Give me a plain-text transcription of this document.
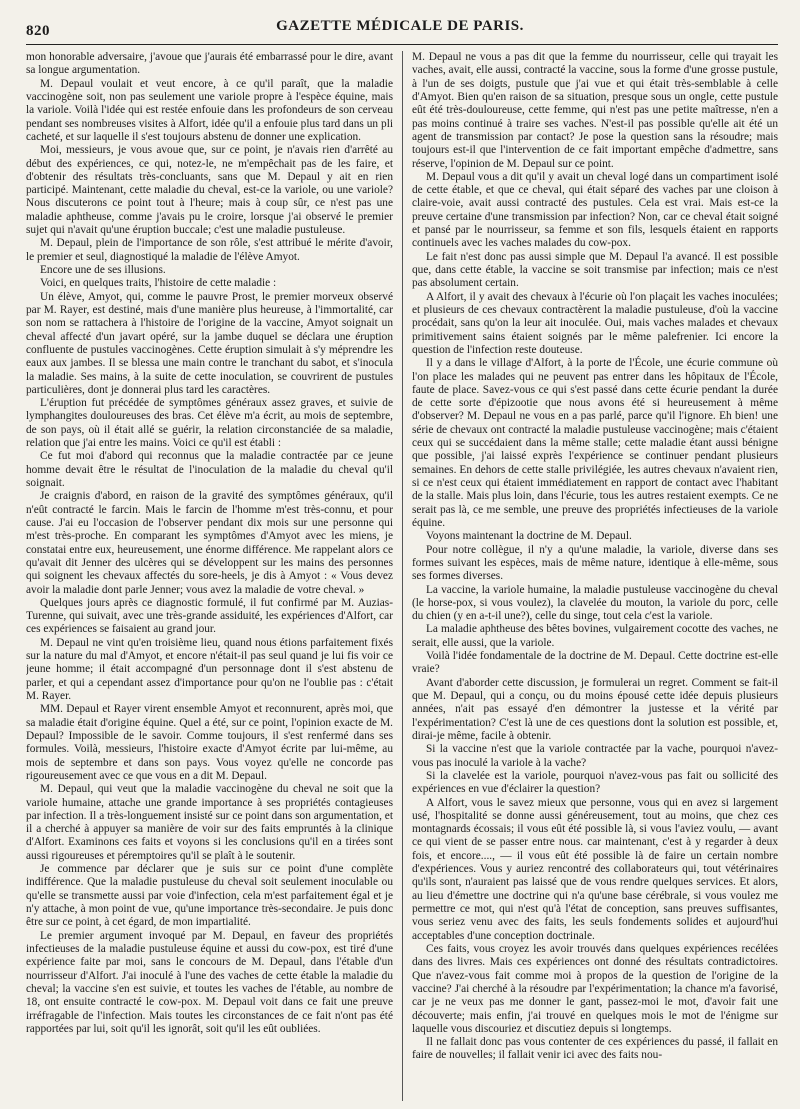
820	GAZETTE MÉDICALE DE PARIS.

mon honorable adversaire, j'avoue que j'aurais été embarrassé pour le dire, avant sa longue argumentation.

M. Depaul voulait et veut encore, à ce qu'il paraît, que la maladie vaccinogène soit, non pas seulement une variole propre à l'espèce équine, mais la variole. Voilà l'idée qui est restée enfouie dans les profondeurs de son cerveau pendant ses nombreuses visites à Alfort, idée qu'il a enfouie plus tard dans un pli cacheté, et sur laquelle il s'est toujours abstenu de donner une explication.

Moi, messieurs, je vous avoue que, sur ce point, je n'avais rien d'arrêté au début des expériences, ce qui, notez-le, ne m'empêchait pas de les faire, et d'obtenir des résultats très-concluants, sans que M. Depaul y ait en rien participé. Maintenant, cette maladie du cheval, est-ce la variole, ou une variole? Nous discuterons ce point tout à l'heure; mais à coup sûr, ce n'est pas une maladie aphtheuse, comme j'avais pu le croire, lorsque j'ai observé le premier sujet qui n'avait qu'une éruption buccale; c'est une maladie pustuleuse.

M. Depaul, plein de l'importance de son rôle, s'est attribué le mérite d'avoir, le premier et seul, diagnostiqué la maladie de l'élève Amyot.

Encore une de ses illusions.

Voici, en quelques traits, l'histoire de cette maladie :

Un élève, Amyot, qui, comme le pauvre Prost, le premier morveux observé par M. Rayer, est destiné, mais d'une manière plus heureuse, à l'immortalité, car son nom se rattachera à l'histoire de l'origine de la vaccine, Amyot soignait un cheval affecté d'un javart opéré, sur la jambe duquel se déclara une éruption confluente de pustules vaccinogènes. Cette éruption simulait à s'y méprendre les eaux aux jambes. Il se blessa une main contre le tranchant du sabot, et s'inocula la maladie. Ses mains, à la suite de cette inoculation, se couvrirent de pustules particulières, dont je donnerai plus tard les caractères.

L'éruption fut précédée de symptômes généraux assez graves, et suivie de lymphangites douloureuses des bras. Cet élève m'a écrit, au mois de septembre, de son pays, où il était allé se guérir, la relation circonstanciée de sa maladie, relation que j'ai entre les mains. Voici ce qu'il est établi :

Ce fut moi d'abord qui reconnus que la maladie contractée par ce jeune homme devait être le résultat de l'inoculation de la maladie du cheval qu'il soignait.

Je craignis d'abord, en raison de la gravité des symptômes généraux, qu'il n'eût contracté le farcin. Mais le farcin de l'homme m'est très-connu, et pour cause. J'ai eu l'occasion de l'observer pendant dix mois sur une personne qui m'est très-proche. En comparant les symptômes d'Amyot avec les miens, je constatai entre eux, heureusement, une énorme différence. Me rappelant alors ce qu'avait dit Jenner des ulcères qui se développent sur les mains des personnes qui soignent les chevaux affectés du sore-heels, je dis à Amyot : « Vous devez avoir la maladie dont parle Jenner; vous avez la maladie de votre cheval. »

Quelques jours après ce diagnostic formulé, il fut confirmé par M. Auzias-Turenne, qui suivait, avec une très-grande assiduité, les expériences d'Alfort, car ces expériences se faisaient au grand jour.

M. Depaul ne vint qu'en troisième lieu, quand nous étions parfaitement fixés sur la nature du mal d'Amyot, et encore n'était-il pas seul quand je lui fis voir ce jeune homme; il était accompagné d'un personnage dont il s'est abstenu de parler, et qui a cependant assez d'importance pour qu'on ne l'oublie pas : c'était M. Rayer.

MM. Depaul et Rayer virent ensemble Amyot et reconnurent, après moi, que sa maladie était d'origine équine. Quel a été, sur ce point, l'opinion exacte de M. Depaul? Impossible de le savoir. Comme toujours, il s'est renfermé dans ses formules. Voilà, messieurs, l'histoire exacte d'Amyot écrite par lui-même, au mois de septembre et dans son pays. Vous voyez qu'elle ne concorde pas rigoureusement avec ce que vous en a dit M. Depaul.

M. Depaul, qui veut que la maladie vaccinogène du cheval ne soit que la variole humaine, attache une grande importance à ses propriétés contagieuses par infection. Il a très-longuement insisté sur ce point dans son argumentation, et il a cherché à appuyer sa manière de voir sur des faits empruntés à la clinique d'Alfort. Examinons ces faits et voyons si les conclusions qu'il en a tirées sont aussi rigoureuses et péremptoires qu'il se plaît à le soutenir.

Je commence par déclarer que je suis sur ce point d'une complète indifférence. Que la maladie pustuleuse du cheval soit seulement inoculable ou qu'elle se transmette aussi par voie d'infection, cela m'est parfaitement égal et je n'y attache, à mon point de vue, qu'une importance très-secondaire. Je puis donc être sur ce point, à cet égard, de mon impartialité.

Le premier argument invoqué par M. Depaul, en faveur des propriétés infectieuses de la maladie pustuleuse équine et aussi du cow-pox, est tiré d'une expérience faite par moi, sans le concours de M. Depaul, dans l'étable d'un nourrisseur d'Alfort. J'ai inoculé à l'une des vaches de cette étable la maladie du cheval; la vaccine s'en est suivie, et toutes les vaches de l'étable, au nombre de 18, ont ensuite contracté le cow-pox. M. Depaul voit dans ce fait une preuve irréfragable de l'infection. Mais toutes les circonstances de ce fait n'ont pas été rapportées par lui, soit qu'il les ignorât, soit qu'il les eût oubliées.

M. Depaul ne vous a pas dit que la femme du nourrisseur, celle qui trayait les vaches, avait, elle aussi, contracté la vaccine, sous la forme d'une grosse pustule, à l'un de ses doigts, pustule que j'ai vue et qui était très-semblable à celle d'Amyot. Bien qu'en raison de sa situation, presque sous un ongle, cette pustule eût été très-douloureuse, cette femme, qui n'est pas une petite maîtresse, n'en a pas moins continué à traire ses vaches. N'est-il pas possible qu'elle ait été un agent de transmission par contact? Je pose la question sans la résoudre; mais toujours est-il que l'intervention de ce fait important empêche d'admettre, sans réserve, l'opinion de M. Depaul sur ce point.

M. Depaul vous a dit qu'il y avait un cheval logé dans un compartiment isolé de cette étable, et que ce cheval, qui était séparé des vaches par une cloison à claire-voie, avait aussi contracté des pustules. Cela est vrai. Mais est-ce la preuve certaine d'une transmission par infection? Non, car ce cheval était soigné et pansé par le nourrisseur, sa femme et son fils, lesquels étaient en rapports continuels avec les vaches malades du cow-pox.

Le fait n'est donc pas aussi simple que M. Depaul l'a avancé. Il est possible que, dans cette étable, la vaccine se soit transmise par infection; mais ce n'est pas absolument certain.

A Alfort, il y avait des chevaux à l'écurie où l'on plaçait les vaches inoculées; et plusieurs de ces chevaux contractèrent la maladie pustuleuse, d'où la vaccine procédait, sans qu'on la leur ait inoculée. Oui, mais vaches malades et chevaux primitivement sains étaient soignés par le même palefrenier. Ici encore la question de l'infection reste douteuse.

Il y a dans le village d'Alfort, à la porte de l'École, une écurie commune où l'on place les malades qui ne peuvent pas entrer dans les hôpitaux de l'École, faute de place. Savez-vous ce qui s'est passé dans cette écurie pendant la durée de cette sorte d'épizootie que nous avons été si heureusement à même d'observer? M. Depaul ne vous en a pas parlé, parce qu'il l'ignore. Eh bien! une série de chevaux ont contracté la maladie pustuleuse vaccinogène; mais c'étaient ceux qui se succédaient dans la même stalle; cette maladie étant aussi bénigne que possible, j'ai laissé exprès l'expérience se continuer pendant plusieurs semaines. En dehors de cette stalle privilégiée, les autres chevaux n'avaient rien, si ce n'est ceux qui étaient immédiatement en rapport de contact avec l'habitant de la stalle. Mais plus loin, dans l'écurie, tous les autres restaient exempts. Ce ne serait pas là, ce me semble, une preuve des propriétés infectieuses de la variole équine.

Voyons maintenant la doctrine de M. Depaul.

Pour notre collègue, il n'y a qu'une maladie, la variole, diverse dans ses formes suivant les espèces, mais de même nature, identique à elle-même, sous ses formes diverses.

La vaccine, la variole humaine, la maladie pustuleuse vaccinogène du cheval (le horse-pox, si vous voulez), la clavelée du mouton, la variole du porc, celle du chien (y en a-t-il une?), celle du singe, tout cela c'est la variole.

La maladie aphtheuse des bêtes bovines, vulgairement cocotte des vaches, ne serait, elle aussi, que la variole.

Voilà l'idée fondamentale de la doctrine de M. Depaul. Cette doctrine est-elle vraie?

Avant d'aborder cette discussion, je formulerai un regret. Comment se fait-il que M. Depaul, qui a conçu, ou du moins épousé cette idée depuis plusieurs années, n'ait pas essayé d'en démontrer la justesse et la vérité par l'expérimentation? C'est là une de ces questions dont la solution est possible, et, dirai-je même, facile à obtenir.

Si la vaccine n'est que la variole contractée par la vache, pourquoi n'avez-vous pas inoculé la variole à la vache?

Si la clavelée est la variole, pourquoi n'avez-vous pas fait ou sollicité des expériences en vue d'éclairer la question?

A Alfort, vous le savez mieux que personne, vous qui en avez si largement usé, l'hospitalité se donne aussi généreusement, tout au moins, que chez ces montagnards écossais; il vous eût été possible là, si vous l'aviez voulu, — avant ce qui vient de se passer entre nous. car maintenant, c'est à y regarder à deux fois, et encore...., — il vous eût été possible là de faire un certain nombre d'expériences. Vous y auriez rencontré des collaborateurs qui, tout vétérinaires qu'ils sont, n'auraient pas laissé que de vous rendre quelques services. Et alors, au lieu d'émettre une doctrine qui n'a qu'une base cérébrale, si vous voulez me permettre ce mot, qui n'est qu'à l'état de conception, sans preuves suffisantes, vous seriez venu avec des faits, les seuls fondements solides et aujourd'hui acceptables d'une conception doctrinale.

Ces faits, vous croyez les avoir trouvés dans quelques expériences recélées dans des livres. Mais ces expériences ont donné des résultats contradictoires. Que n'avez-vous fait comme moi à propos de la question de l'origine de la vaccine? J'ai cherché à la résoudre par l'expérimentation; la chance m'a favorisé, car je ne veux pas me donner le gant, passez-moi le mot, d'avoir fait une découverte; mais enfin, j'ai trouvé en quelques mois le mot de l'énigme sur laquelle vous discouriez et discutiez depuis si longtemps.

Il ne fallait donc pas vous contenter de ces expériences du passé, il fallait en faire de nouvelles; il fallait venir ici avec des faits nou-
